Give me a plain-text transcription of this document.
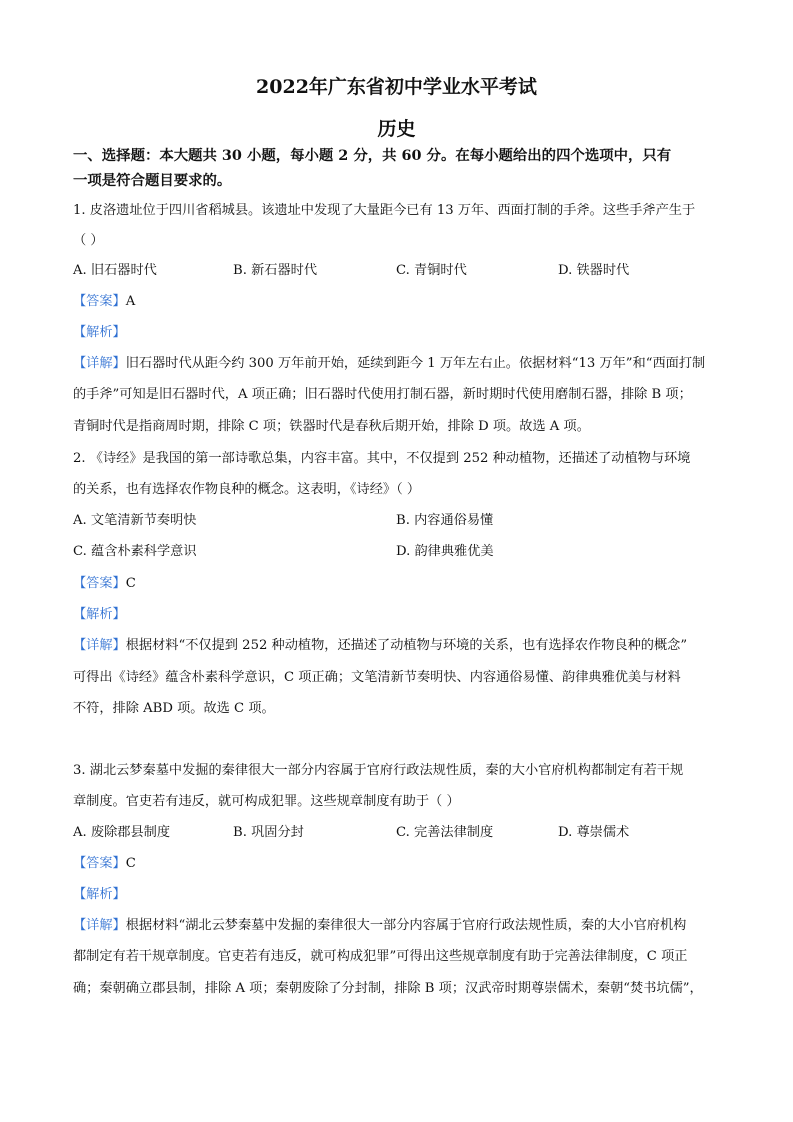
2022年广东省初中学业水平考试
历史
一、选择题：本大题共 30 小题，每小题 2 分，共 60 分。在每小题给出的四个选项中，只有
一项是符合题目要求的。
1. 皮洛遗址位于四川省稻城县。该遗址中发现了大量距今已有 13 万年、西面打制的手斧。这些手斧产生于
（ ）
A. 旧石器时代	B. 新石器时代	C. 青铜时代	D. 铁器时代
【答案】A
【解析】
【详解】旧石器时代从距今约 300 万年前开始，延续到距今 1 万年左右止。依据材料“13 万年”和“西面打制
的手斧”可知是旧石器时代，A 项正确；旧石器时代使用打制石器，新时期时代使用磨制石器，排除 B 项；
青铜时代是指商周时期，排除 C 项；铁器时代是春秋后期开始，排除 D 项。故选 A 项。
2. 《诗经》是我国的第一部诗歌总集，内容丰富。其中，不仅提到 252 种动植物，还描述了动植物与环境
的关系，也有选择农作物良种的概念。这表明，《诗经》（ ）
A. 文笔清新节奏明快	B. 内容通俗易懂
C. 蕴含朴素科学意识	D. 韵律典雅优美
【答案】C
【解析】
【详解】根据材料“不仅提到 252 种动植物，还描述了动植物与环境的关系，也有选择农作物良种的概念”
可得出《诗经》蕴含朴素科学意识，C 项正确；文笔清新节奏明快、内容通俗易懂、韵律典雅优美与材料
不符，排除 ABD 项。故选 C 项。
3. 湖北云梦秦墓中发掘的秦律很大一部分内容属于官府行政法规性质，秦的大小官府机构都制定有若干规
章制度。官吏若有违反，就可构成犯罪。这些规章制度有助于（ ）
A. 废除郡县制度	B. 巩固分封	C. 完善法律制度	D. 尊崇儒术
【答案】C
【解析】
【详解】根据材料“湖北云梦秦墓中发掘的秦律很大一部分内容属于官府行政法规性质，秦的大小官府机构
都制定有若干规章制度。官吏若有违反，就可构成犯罪”可得出这些规章制度有助于完善法律制度，C 项正
确；秦朝确立郡县制，排除 A 项；秦朝废除了分封制，排除 B 项；汉武帝时期尊崇儒术，秦朝“焚书坑儒”，
